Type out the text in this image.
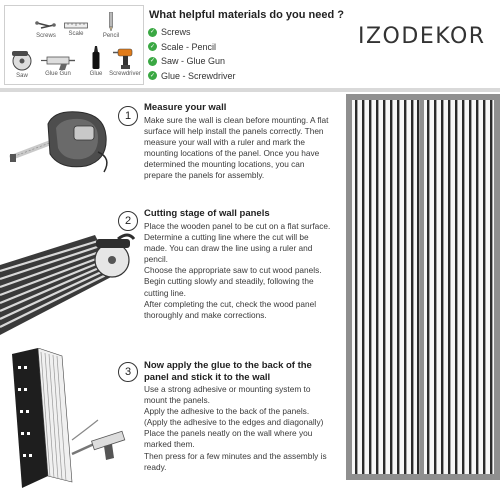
Screws	Scale	Pencil
Saw	Glue Gun	Glue	Screwdriver
What helpful materials do you need ?
✓ Screws
✓ Scale - Pencil
✓ Saw - Glue Gun
✓ Glue - Screwdriver
IZODEKOR
1
Measure your wall
Make sure the wall is clean before mounting. A flat surface will help install the panels correctly. Then measure your wall with a ruler and mark the mounting locations of the panel. Once you have determined the mounting locations, you can prepare the panels for assembly.
2
Cutting stage of wall panels
Place the wooden panel to be cut on a flat surface.
Determine a cutting line where the cut will be made. You can draw the line using a ruler and pencil.
Choose the appropriate saw to cut wood panels.
Begin cutting slowly and steadily, following the cutting line.
After completing the cut, check the wood panel thoroughly and make corrections.
3
Now apply the glue to the back of the panel and stick it to the wall
Use a strong adhesive or mounting system to mount the panels.
Apply the adhesive to the back of the panels. (Apply the adhesive to the edges and diagonally)
Place the panels neatly on the wall where you marked them.
Then press for a few minutes and the assembly is ready.
